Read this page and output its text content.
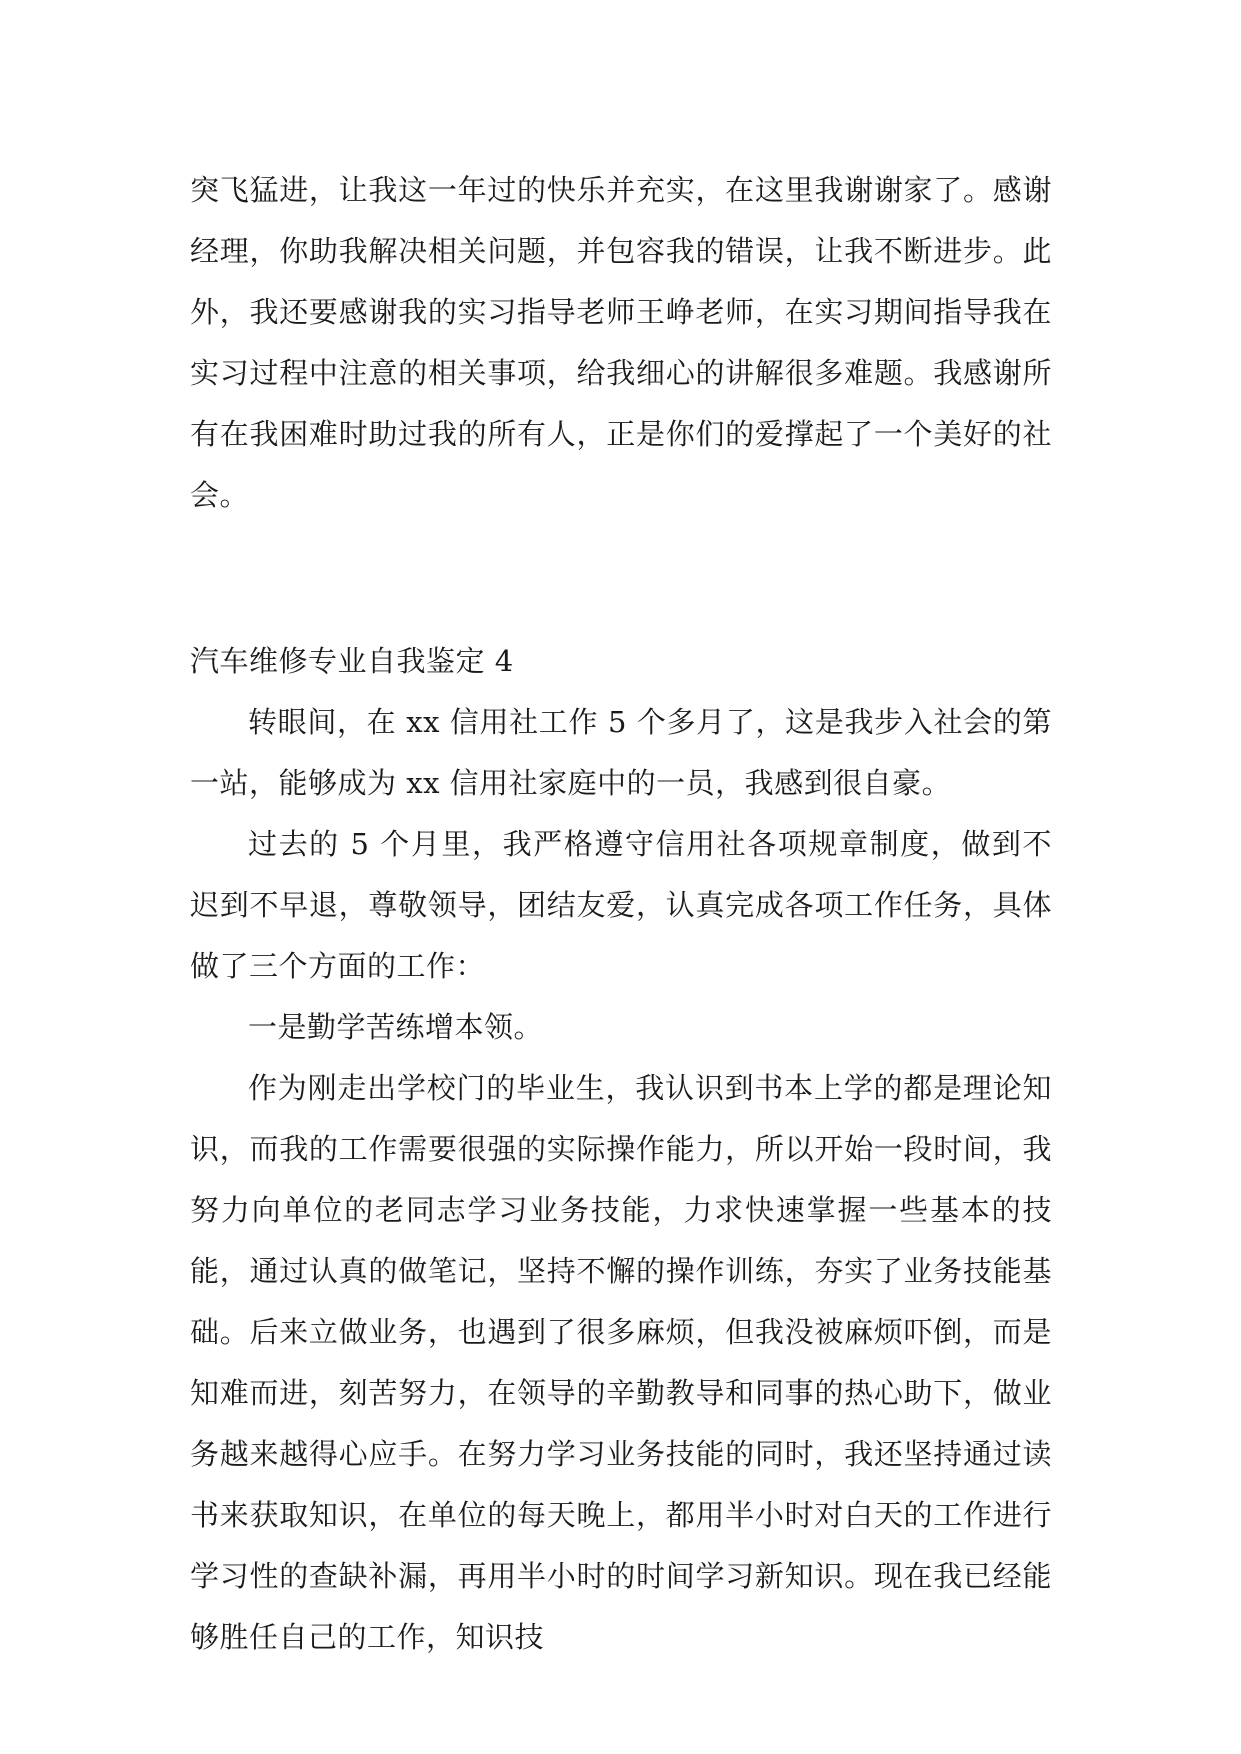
突飞猛进，让我这一年过的快乐并充实，在这里我谢谢家了。感谢经理，你助我解决相关问题，并包容我的错误，让我不断进步。此外，我还要感谢我的实习指导老师王峥老师，在实习期间指导我在实习过程中注意的相关事项，给我细心的讲解很多难题。我感谢所有在我困难时助过我的所有人，正是你们的爱撑起了一个美好的社会。

汽车维修专业自我鉴定 4

转眼间，在 xx 信用社工作 5 个多月了，这是我步入社会的第一站，能够成为 xx 信用社家庭中的一员，我感到很自豪。

过去的 5 个月里，我严格遵守信用社各项规章制度，做到不迟到不早退，尊敬领导，团结友爱，认真完成各项工作任务，具体做了三个方面的工作：

一是勤学苦练增本领。

作为刚走出学校门的毕业生，我认识到书本上学的都是理论知识，而我的工作需要很强的实际操作能力，所以开始一段时间，我努力向单位的老同志学习业务技能，力求快速掌握一些基本的技能，通过认真的做笔记，坚持不懈的操作训练，夯实了业务技能基础。后来立做业务，也遇到了很多麻烦，但我没被麻烦吓倒，而是知难而进，刻苦努力，在领导的辛勤教导和同事的热心助下，做业务越来越得心应手。在努力学习业务技能的同时，我还坚持通过读书来获取知识，在单位的每天晚上，都用半小时对白天的工作进行学习性的查缺补漏，再用半小时的时间学习新知识。现在我已经能够胜任自己的工作，知识技
